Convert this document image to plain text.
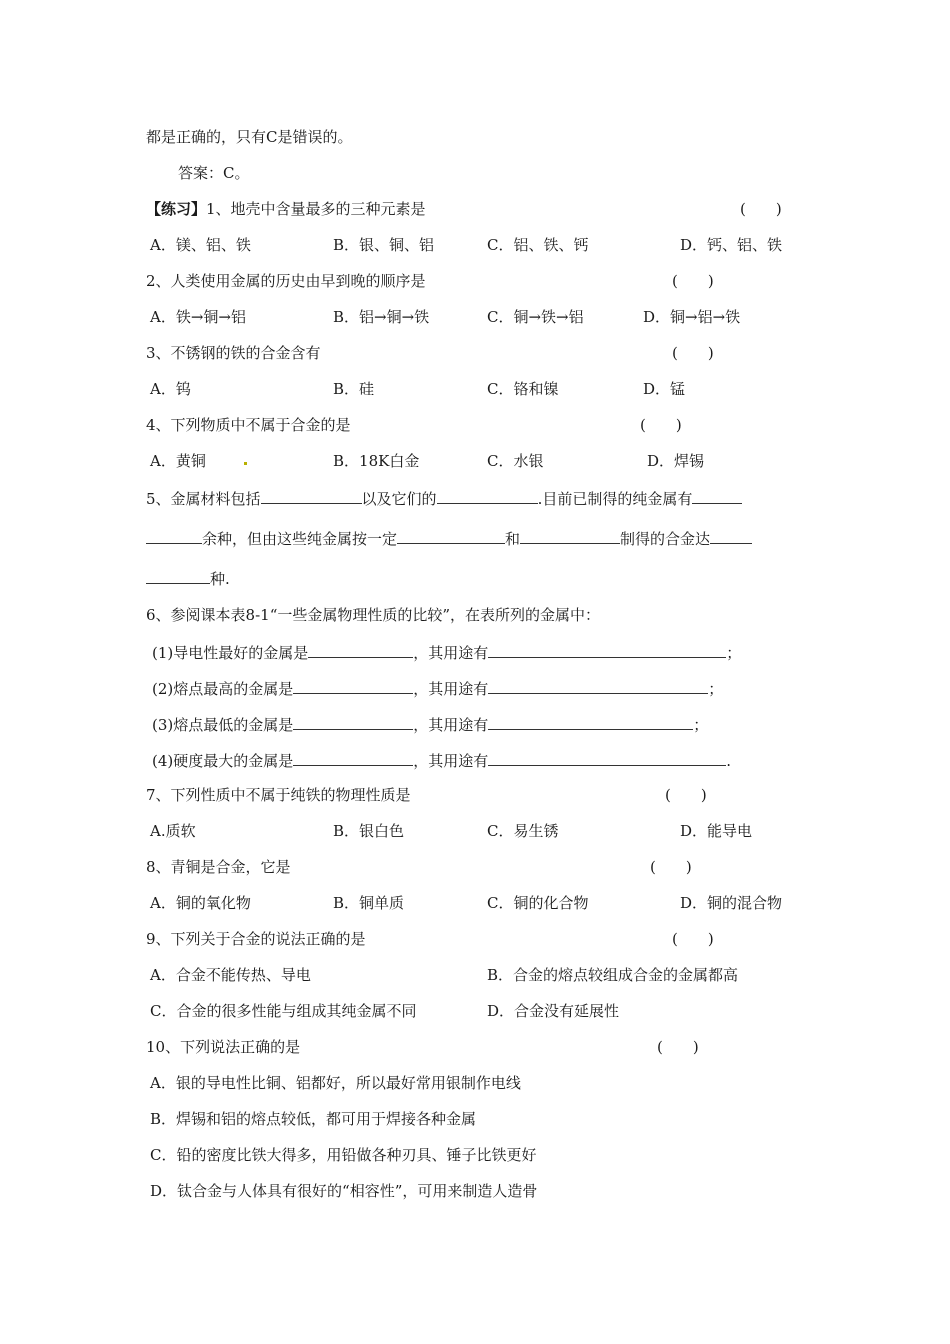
都是正确的，只有C是错误的。
答案：C。
【练习】1、地壳中含量最多的三种元素是	(　　)
A．镁、铝、铁	B．银、铜、铝	C．铝、铁、钙	D．钙、铝、铁
2、人类使用金属的历史由早到晚的顺序是	(　　)
A．铁→铜→铝	B．铝→铜→铁	C．铜→铁→铝	D．铜→铝→铁
3、不锈钢的铁的合金含有	(　　)
A．钨	B．硅	C．铬和镍	D．锰
4、下列物质中不属于合金的是	(　　)
A．黄铜	B．18K白金	C．水银	D．焊锡
5、金属材料包括	以及它们的	.目前已制得的纯金属有
余种，但由这些纯金属按一定	和	制得的合金达
种.
6、参阅课本表8-1“一些金属物理性质的比较”，在表所列的金属中：
(1)导电性最好的金属是	，其用途有	；
(2)熔点最高的金属是	，其用途有	；
(3)熔点最低的金属是	，其用途有	；
(4)硬度最大的金属是	，其用途有	.
7、下列性质中不属于纯铁的物理性质是	(　　)
A.质软	B．银白色	C．易生锈	D．能导电
8、青铜是合金，它是	(　　)
A．铜的氧化物	B．铜单质	C．铜的化合物	D．铜的混合物
9、下列关于合金的说法正确的是	(　　)
A．合金不能传热、导电	B．合金的熔点较组成合金的金属都高
C．合金的很多性能与组成其纯金属不同	D．合金没有延展性
10、下列说法正确的是	(　　)
A．银的导电性比铜、铝都好，所以最好常用银制作电线
B．焊锡和铝的熔点较低，都可用于焊接各种金属
C．铅的密度比铁大得多，用铅做各种刃具、锤子比铁更好
D．钛合金与人体具有很好的“相容性”，可用来制造人造骨
